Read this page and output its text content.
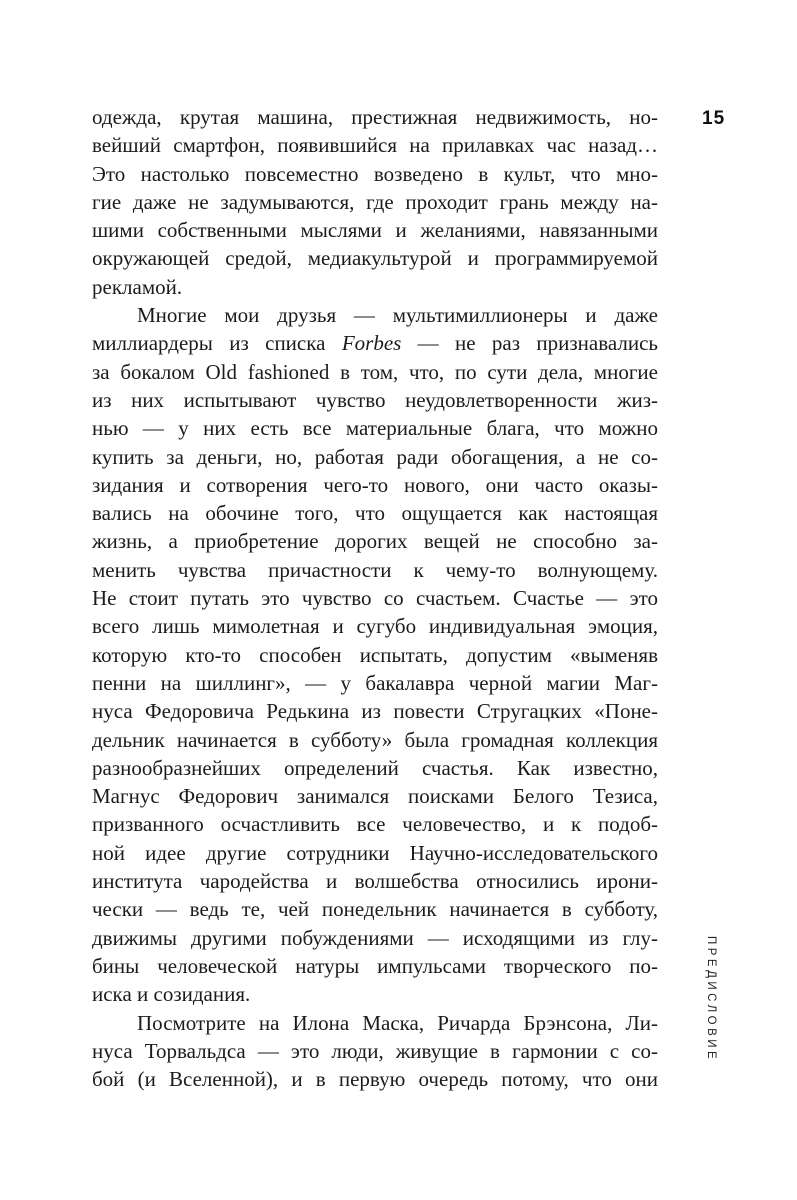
15
одежда, крутая машина, престижная недвижимость, но-
вейший смартфон, появившийся на прилавках час назад…
Это настолько повсеместно возведено в культ, что мно-
гие даже не задумываются, где проходит грань между на-
шими собственными мыслями и желаниями, навязанными
окружающей средой, медиакультурой и программируемой
рекламой.
Многие мои друзья — мультимиллионеры и даже
миллиардеры из списка Forbes — не раз признавались
за бокалом Old fashioned в том, что, по сути дела, многие
из них испытывают чувство неудовлетворенности жиз-
нью — у них есть все материальные блага, что можно
купить за деньги, но, работая ради обогащения, а не со-
зидания и сотворения чего-то нового, они часто оказы-
вались на обочине того, что ощущается как настоящая
жизнь, а приобретение дорогих вещей не способно за-
менить чувства причастности к чему-то волнующему.
Не стоит путать это чувство со счастьем. Счастье — это
всего лишь мимолетная и сугубо индивидуальная эмоция,
которую кто-то способен испытать, допустим «выменяв
пенни на шиллинг», — у бакалавра черной магии Маг-
нуса Федоровича Редькина из повести Стругацких «Поне-
дельник начинается в субботу» была громадная коллекция
разнообразнейших определений счастья. Как известно,
Магнус Федорович занимался поисками Белого Тезиса,
призванного осчастливить все человечество, и к подоб-
ной идее другие сотрудники Научно-исследовательского
института чародейства и волшебства относились ирони-
чески — ведь те, чей понедельник начинается в субботу,
движимы другими побуждениями — исходящими из глу-
бины человеческой натуры импульсами творческого по-
иска и созидания.
Посмотрите на Илона Маска, Ричарда Брэнсона, Ли-
нуса Торвальдса — это люди, живущие в гармонии с со-
бой (и Вселенной), и в первую очередь потому, что они
ПРЕДИСЛОВИЕ
